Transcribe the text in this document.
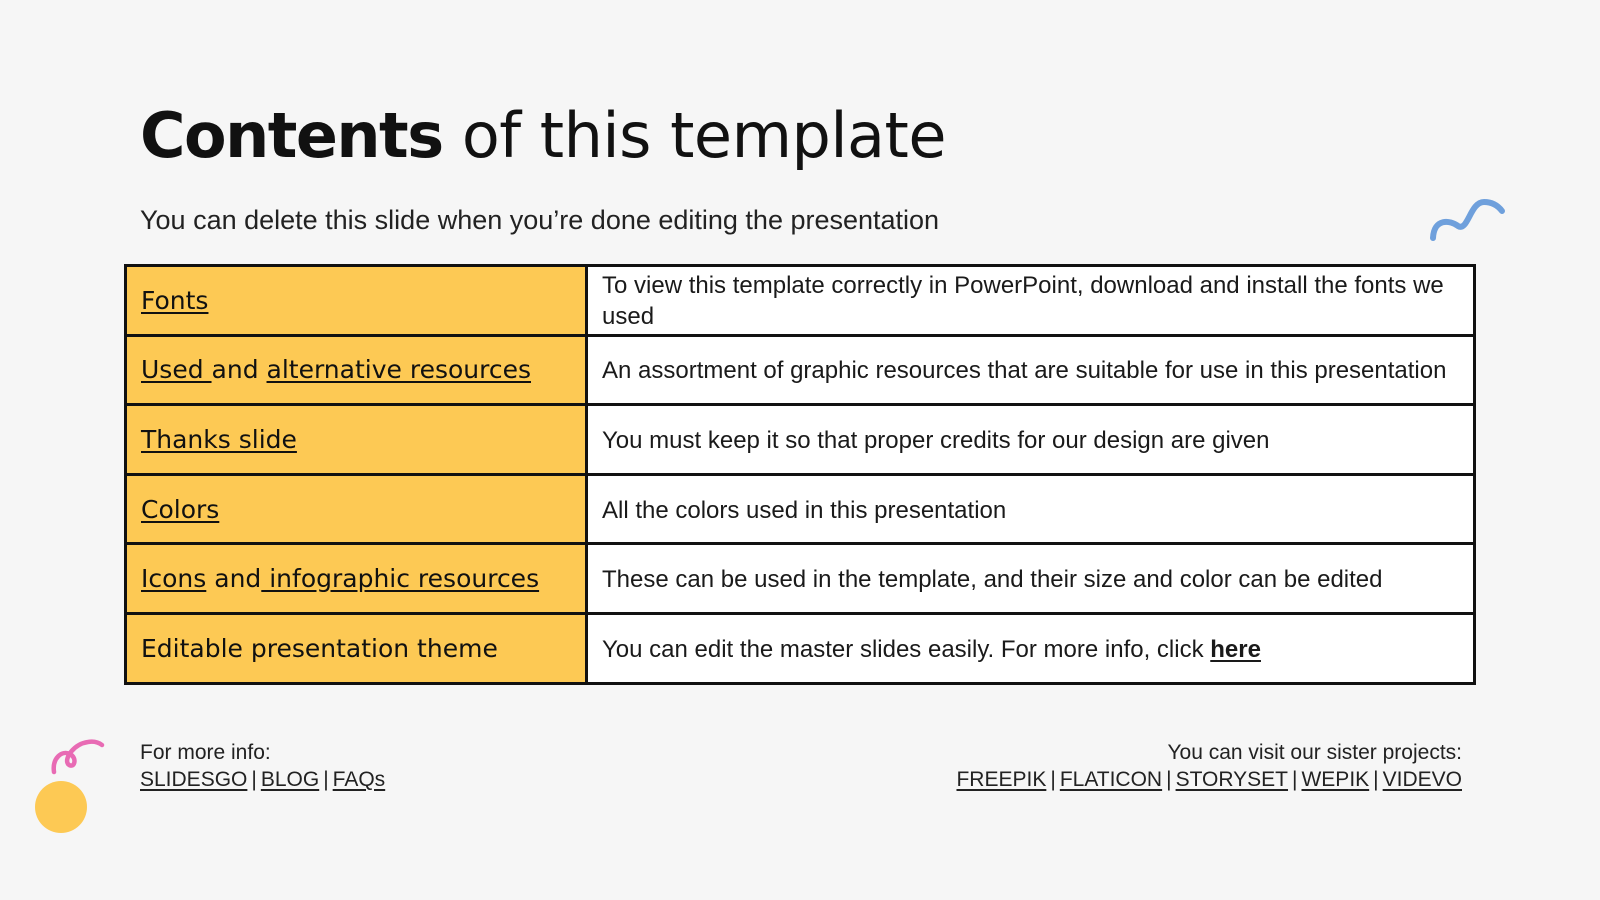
Contents of this template
You can delete this slide when you’re done editing the presentation
Fonts	To view this template correctly in PowerPoint, download and install the fonts we used
Used and alternative resources	An assortment of graphic resources that are suitable for use in this presentation
Thanks slide	You must keep it so that proper credits for our design are given
Colors	All the colors used in this presentation
Icons and infographic resources	These can be used in the template, and their size and color can be edited
Editable presentation theme	You can edit the master slides easily. For more info, click here
For more info:
SLIDESGO | BLOG | FAQs
You can visit our sister projects:
FREEPIK | FLATICON | STORYSET | WEPIK | VIDEVO
